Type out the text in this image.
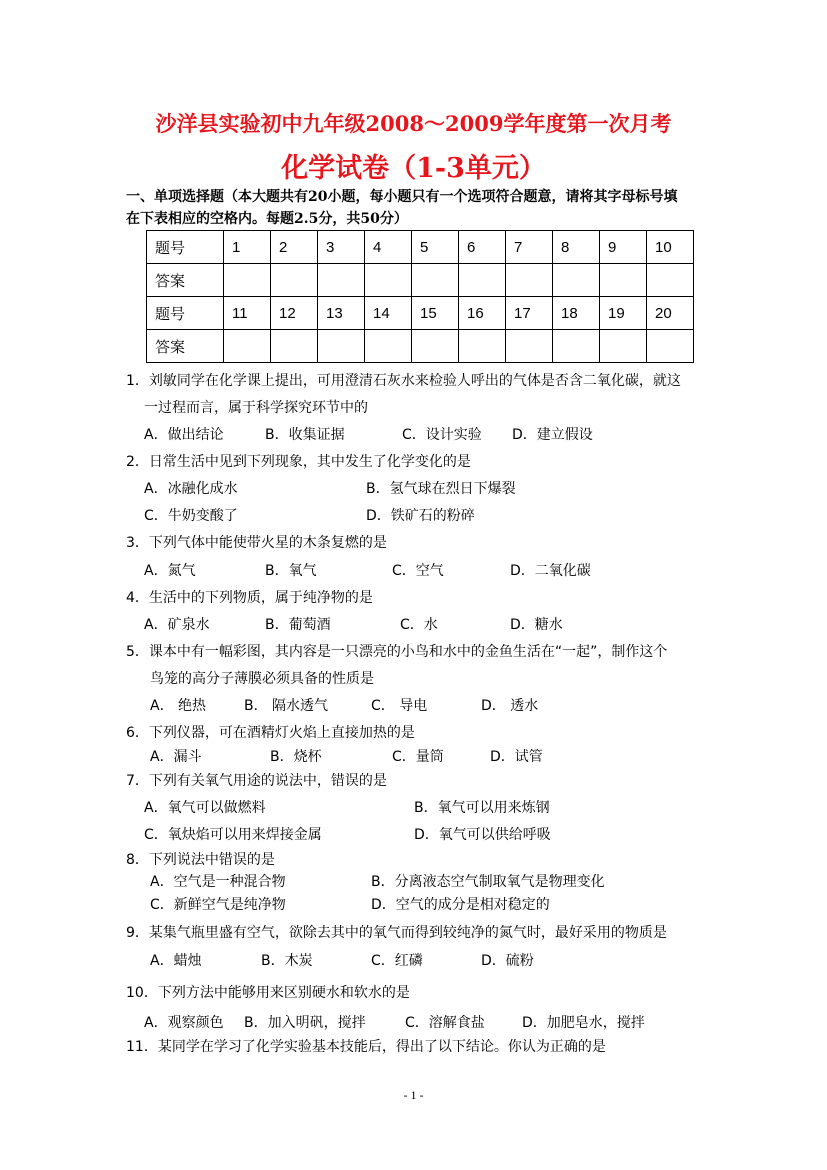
沙洋县实验初中九年级2008～2009学年度第一次月考
化学试卷（1-3单元）
一、单项选择题（本大题共有20小题，每小题只有一个选项符合题意，请将其字母标号填
在下表相应的空格内。每题2.5分，共50分）
题号	1	2	3	4	5	6	7	8	9	10
答案										
题号	11	12	13	14	15	16	17	18	19	20
答案										
1．刘敏同学在化学课上提出，可用澄清石灰水来检验人呼出的气体是否含二氧化碳，就这
一过程而言，属于科学探究环节中的
A．做出结论	B．收集证据	C．设计实验 D．建立假设
2．日常生活中见到下列现象，其中发生了化学变化的是
A．冰融化成水	B．氢气球在烈日下爆裂
C．牛奶变酸了	D．铁矿石的粉碎
3．下列气体中能使带火星的木条复燃的是
A．氮气	B．氧气	C．空气	D．二氧化碳
4．生活中的下列物质，属于纯净物的是
A．矿泉水	B．葡萄酒	C．水	D．糖水
5．课本中有一幅彩图，其内容是一只漂亮的小鸟和水中的金鱼生活在“一起”，制作这个
鸟笼的高分子薄膜必须具备的性质是
A． 绝热	B． 隔水透气	C． 导电	D． 透水
6．下列仪器，可在酒精灯火焰上直接加热的是
A．漏斗	B．烧杯	C．量筒	D．试管
7．下列有关氧气用途的说法中，错误的是
A．氧气可以做燃料	B．氧气可以用来炼钢
C．氧炔焰可以用来焊接金属	D．氧气可以供给呼吸
8．下列说法中错误的是
A．空气是一种混合物	B．分离液态空气制取氧气是物理变化
C．新鲜空气是纯净物	D．空气的成分是相对稳定的
9．某集气瓶里盛有空气，欲除去其中的氧气而得到较纯净的氮气时，最好采用的物质是
A．蜡烛	B．木炭	C．红磷	D．硫粉
10．下列方法中能够用来区别硬水和软水的是
A．观察颜色 B．加入明矾，搅拌	C．溶解食盐	D．加肥皂水，搅拌
11．某同学在学习了化学实验基本技能后，得出了以下结论。你认为正确的是
- 1 -
